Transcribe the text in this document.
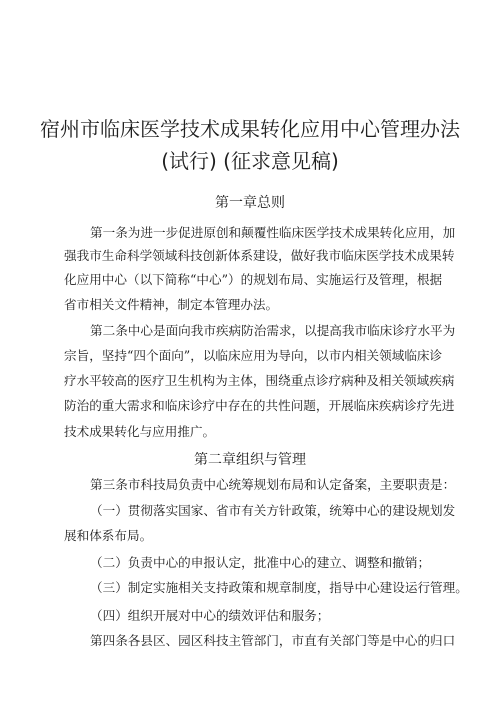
宿州市临床医学技术成果转化应用中心管理办法
(试行) (征求意见稿)
第一章总则
第一条为进一步促进原创和颠覆性临床医学技术成果转化应用，加
强我市生命科学领域科技创新体系建设，做好我市临床医学技术成果转
化应用中心（以下简称“中心”）的规划布局、实施运行及管理，根据
省市相关文件精神，制定本管理办法。
第二条中心是面向我市疾病防治需求，以提高我市临床诊疗水平为
宗旨，坚持“四个面向”，以临床应用为导向，以市内相关领域临床诊
疗水平较高的医疗卫生机构为主体，围绕重点诊疗病种及相关领域疾病
防治的重大需求和临床诊疗中存在的共性问题，开展临床疾病诊疗先进
技术成果转化与应用推广。
第二章组织与管理
第三条市科技局负责中心统筹规划布局和认定备案，主要职责是：
（一）贯彻落实国家、省市有关方针政策，统筹中心的建设规划发
展和体系布局。
（二）负责中心的申报认定，批准中心的建立、调整和撤销；
（三）制定实施相关支持政策和规章制度，指导中心建设运行管理。
（四）组织开展对中心的绩效评估和服务；
第四条各县区、园区科技主管部门，市直有关部门等是中心的归口
